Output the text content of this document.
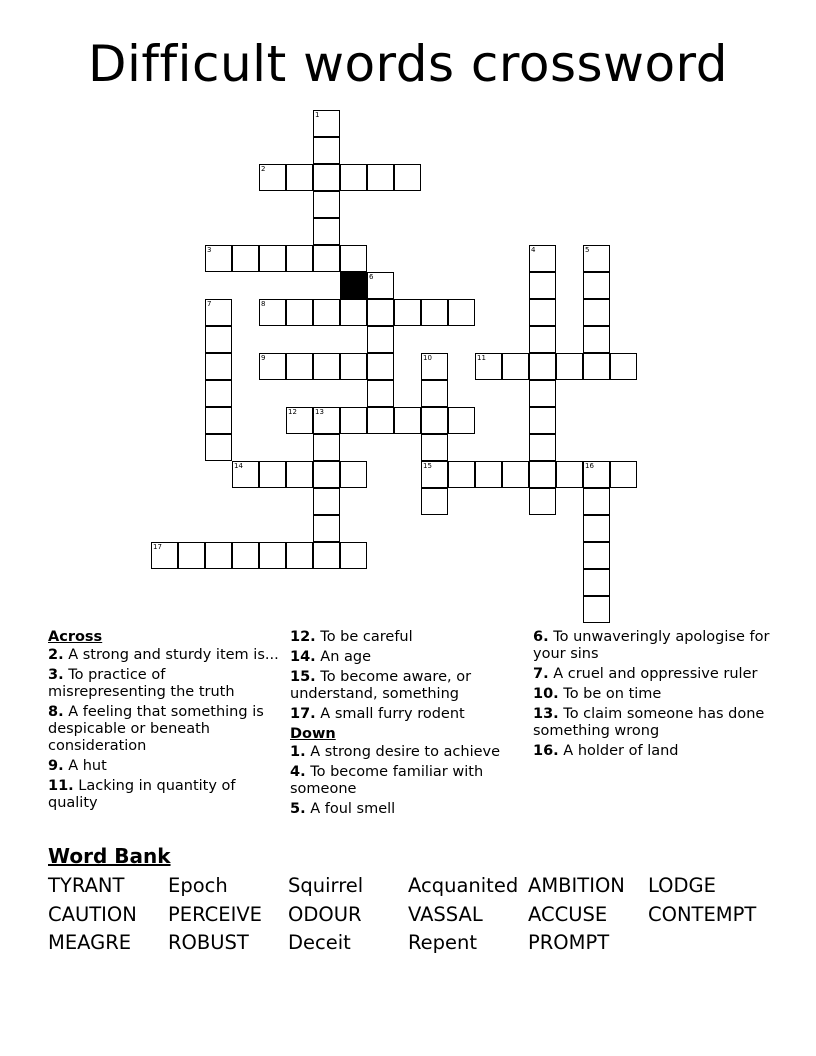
Difficult words crossword
2
3
8
9	11
12	13
14	15	16
17
1
4	5
6
7
10
Across
2. A strong and sturdy item is...
3. To practice of misrepresenting the truth
8. A feeling that something is despicable or beneath consideration
9. A hut
11. Lacking in quantity of quality
12. To be careful
14. An age
15. To become aware, or understand, something
17. A small furry rodent
Down
1. A strong desire to achieve
4. To become familiar with someone
5. A foul smell
6. To unwaveringly apologise for your sins
7. A cruel and oppressive ruler
10. To be on time
13. To claim someone has done something wrong
16. A holder of land
Word Bank
TYRANT Epoch	Squirrel Acquanited AMBITION LODGE
CAUTION PERCEIVE ODOUR VASSAL ACCUSE CONTEMPT
MEAGRE ROBUST Deceit	Repent	PROMPT
